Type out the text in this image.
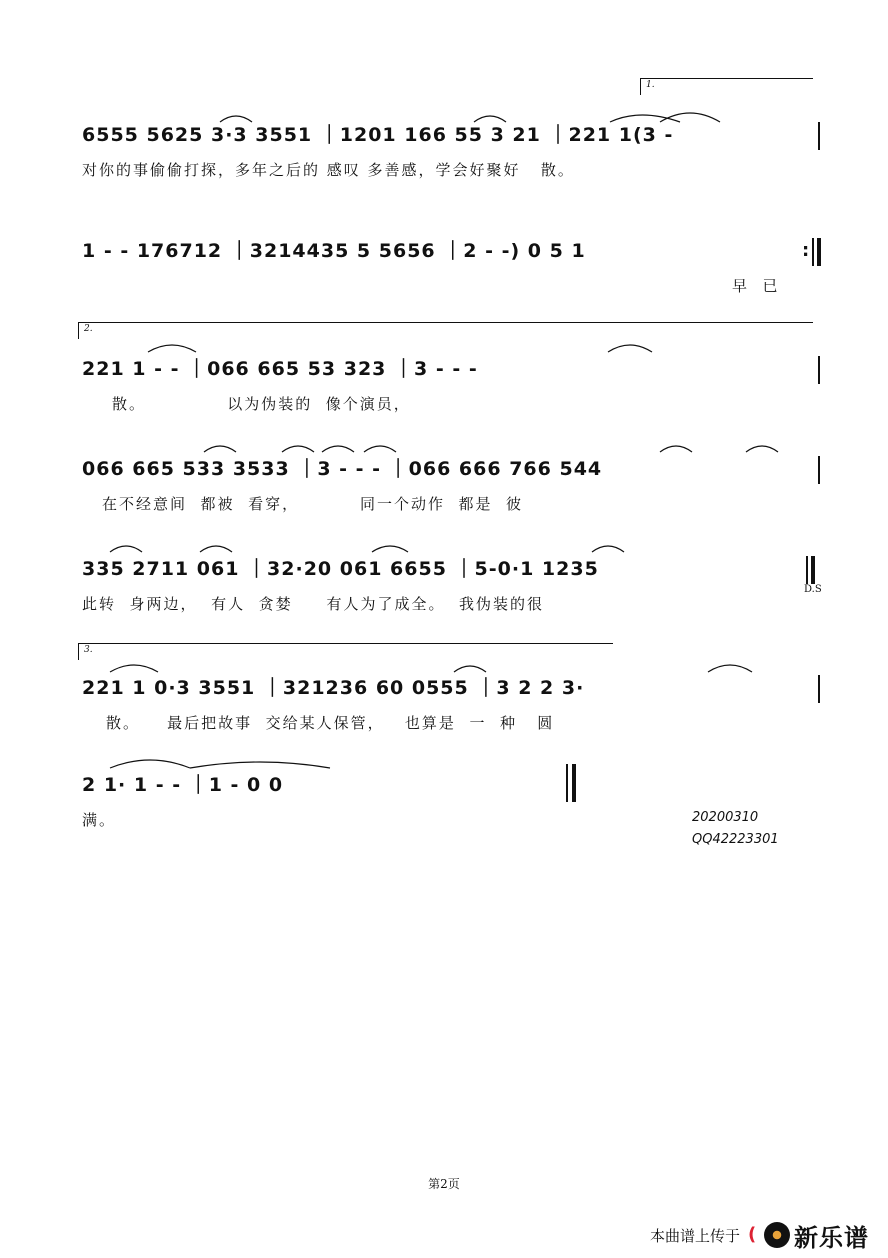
1.
6555 5625 3·3 3551 ｜1201 166 55 3 21 ｜221 1(3 -
对你的事偷偷打探，多年之后的 感叹 多善感，学会好聚好   散。
1 - - 176712 ｜3214435 5 5656 ｜2 - -) 0 5 1
早  已
:
2.
221 1 - - ｜066 665 53 323 ｜3 - - -
散。            以为伪装的  像个演员，
066 665 533 3533 ｜3 - - - ｜066 666 766 544
在不经意间  都被  看穿，         同一个动作  都是  彼
335 2711 061 ｜32·20 061 6655 ｜5-0·1 1235
此转  身两边，  有人  贪婪     有人为了成全。  我伪装的很
D.S
3.
221 1 0·3 3551 ｜321236 60 0555 ｜3 2 2 3·
散。    最后把故事  交给某人保管，   也算是  一  种   圆
2 1· 1 - - ｜1 - 0 0
满。	20200310
QQ42223301
第2页
本曲谱上传于 ( 新乐谱
